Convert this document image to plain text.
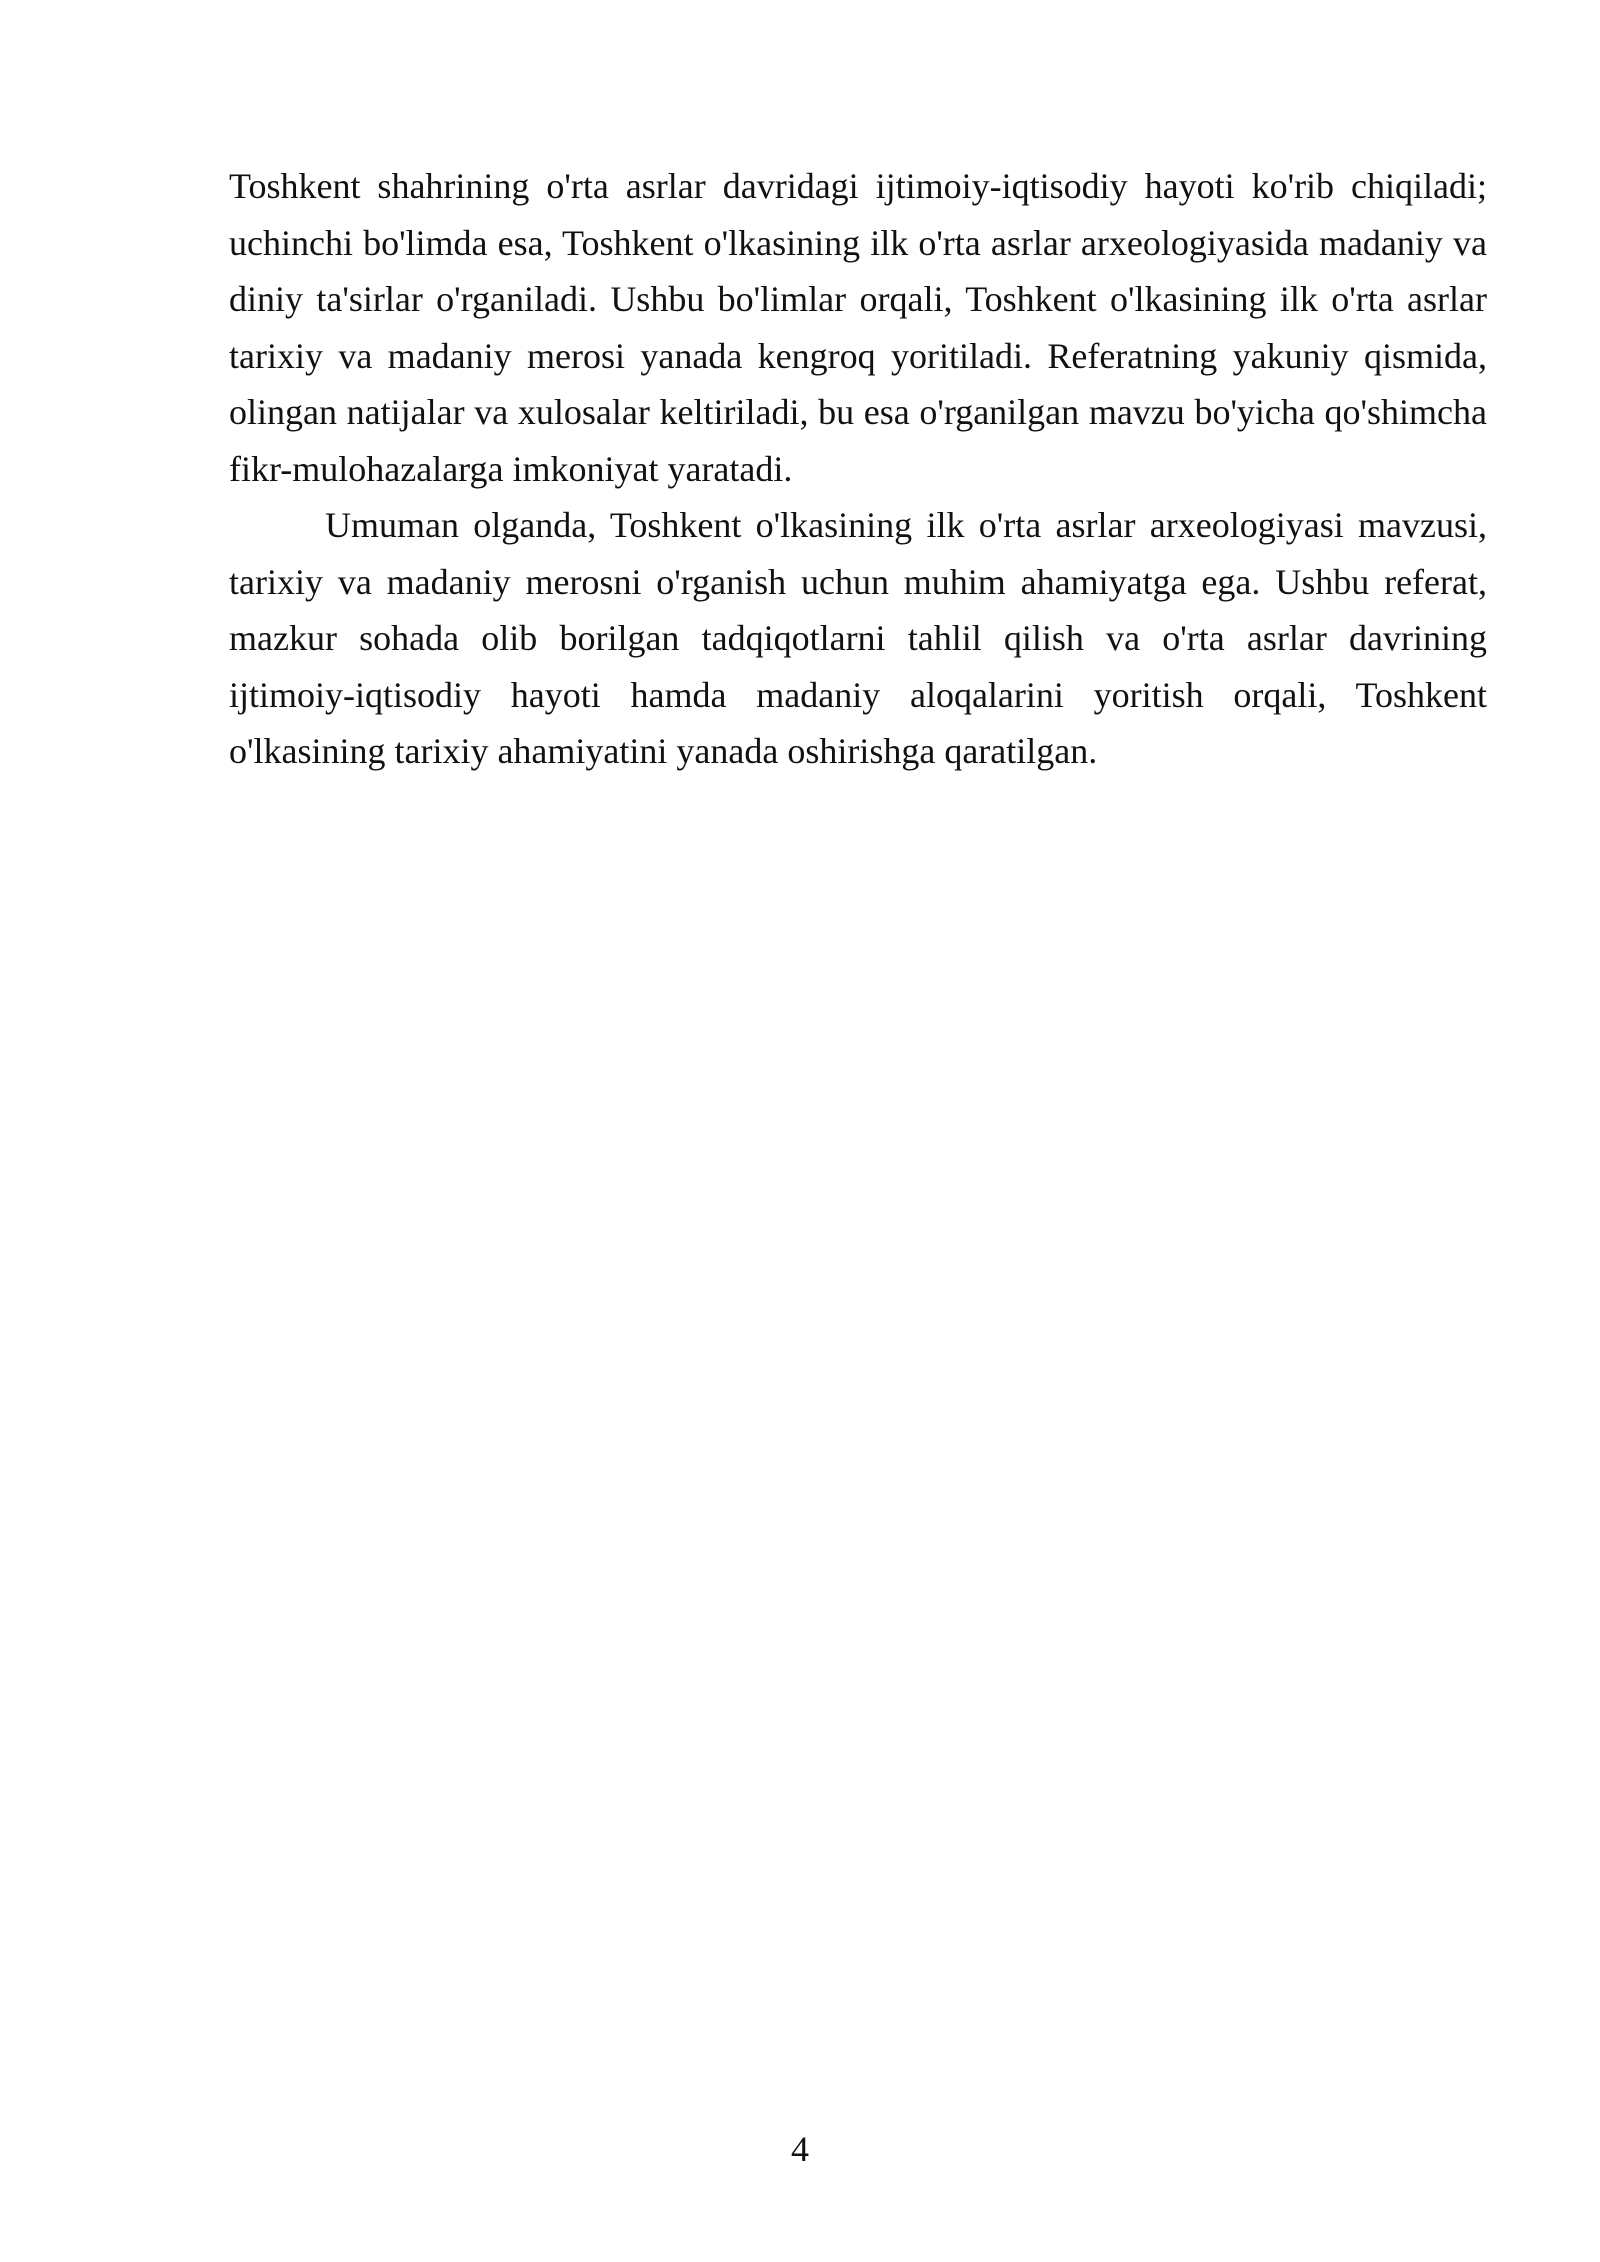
Toshkent shahrining o'rta asrlar davridagi ijtimoiy-iqtisodiy hayoti ko'rib chiqiladi; uchinchi bo'limda esa, Toshkent o'lkasining ilk o'rta asrlar arxeologiyasida madaniy va diniy ta'sirlar o'rganiladi. Ushbu bo'limlar orqali, Toshkent o'lkasining ilk o'rta asrlar tarixiy va madaniy merosi yanada kengroq yoritiladi. Referatning yakuniy qismida, olingan natijalar va xulosalar keltiriladi, bu esa o'rganilgan mavzu bo'yicha qo'shimcha fikr-mulohazalarga imkoniyat yaratadi.

Umuman olganda, Toshkent o'lkasining ilk o'rta asrlar arxeologiyasi mavzusi, tarixiy va madaniy merosni o'rganish uchun muhim ahamiyatga ega. Ushbu referat, mazkur sohada olib borilgan tadqiqotlarni tahlil qilish va o'rta asrlar davrining ijtimoiy-iqtisodiy hayoti hamda madaniy aloqalarini yoritish orqali, Toshkent o'lkasining tarixiy ahamiyatini yanada oshirishga qaratilgan.

4
